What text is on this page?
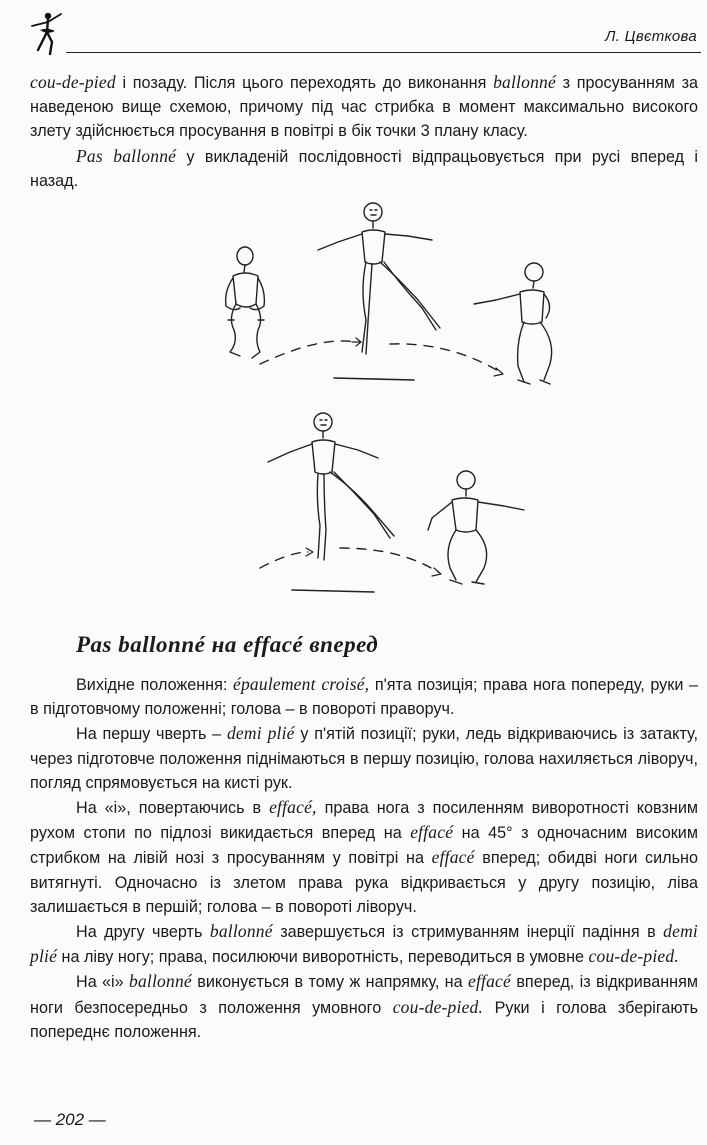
Л. Цвєткова

cou-de-pied і позаду. Після цього переходять до виконання ballonné з просуванням за наведеною вище схемою, причому під час стрибка в момент максимально високого злету здійснюється просування в повітрі в бік точки 3 плану класу.

Pas ballonné у викладеній послідовності відпрацьовується при русі вперед і назад.

Pas ballonné на effacé вперед

Вихідне положення: épaulement croisé, п'ята позиція; права нога попереду, руки – в підготовчому положенні; голова – в повороті праворуч.

На першу чверть – demi plié у п'ятій позиції; руки, ледь відкриваючись із затакту, через підготовче положення піднімаються в першу позицію, голова нахиляється ліворуч, погляд спрямовується на кисті рук.

На «і», повертаючись в effacé, права нога з посиленням виворотності ковзним рухом стопи по підлозі викидається вперед на effacé на 45° з одночасним високим стрибком на лівій нозі з просуванням у повітрі на effacé вперед; обидві ноги сильно витягнуті. Одночасно із злетом права рука відкривається у другу позицію, ліва залишається в першій; голова – в повороті ліворуч.

На другу чверть ballonné завершується із стримуванням інерції падіння в demi plié на ліву ногу; права, посилюючи виворотність, переводиться в умовне cou-de-pied.

На «і» ballonné виконується в тому ж напрямку, на effacé вперед, із відкриванням ноги безпосередньо з положення умовного cou-de-pied. Руки і голова зберігають попереднє положення.

— 202 —
